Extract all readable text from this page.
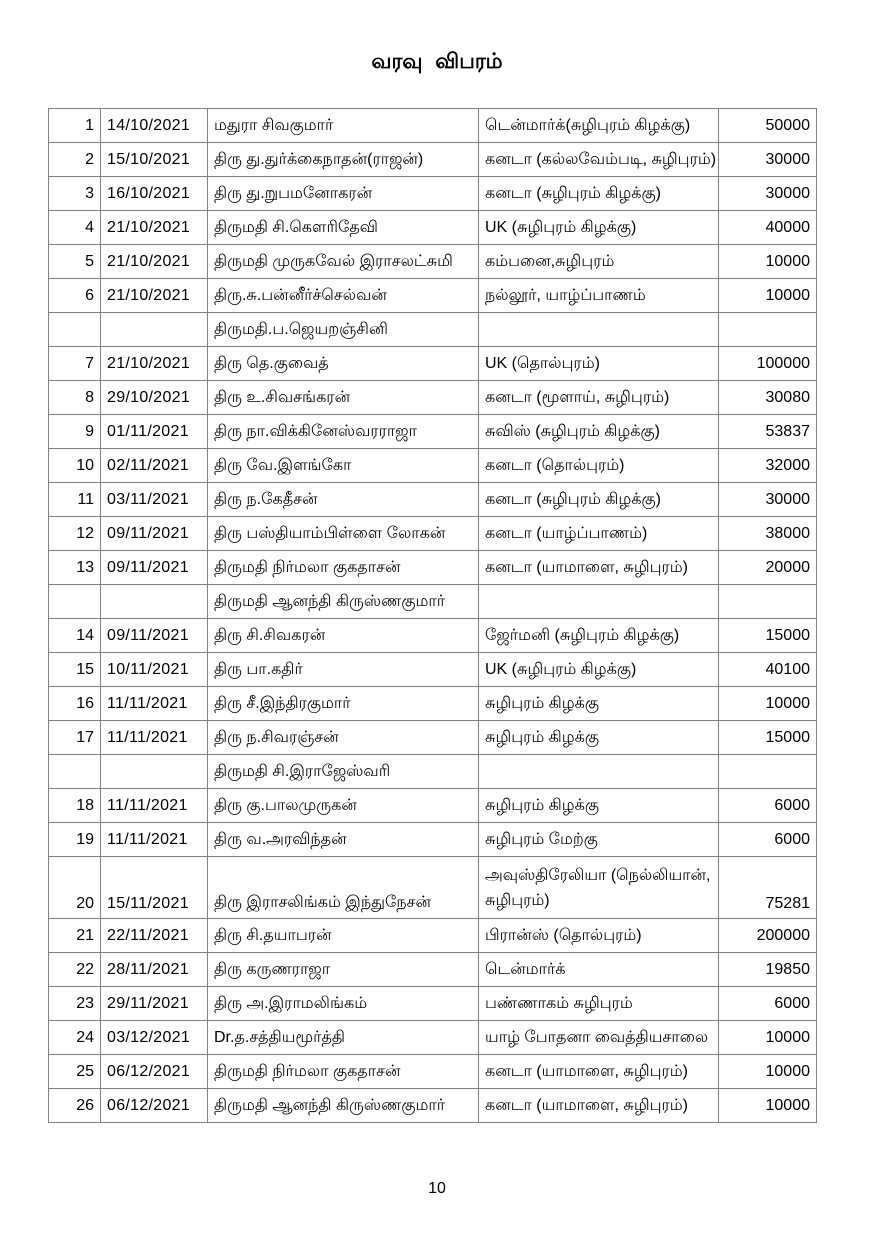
வரவு விபரம்
1	14/10/2021	மதுரா சிவகுமார்	டென்மார்க்(சுழிபுரம் கிழக்கு)	50000
2	15/10/2021	திரு து.துர்க்கைநாதன்(ராஜன்)	கனடா (கல்லவேம்படி, சுழிபுரம்)	30000
3	16/10/2021	திரு து.றுபமனோகரன்	கனடா (சுழிபுரம் கிழக்கு)	30000
4	21/10/2021	திருமதி சி.கௌரிதேவி	UK (சுழிபுரம் கிழக்கு)	40000
5	21/10/2021	திருமதி முருகவேல் இராசலட்சுமி	கம்பனை,சுழிபுரம்	10000
6	21/10/2021	திரு.சு.பன்னீர்ச்செல்வன்	நல்லூர், யாழ்ப்பாணம்	10000
		திருமதி.ப.ஜெயறஞ்சினி		
7	21/10/2021	திரு தெ.குவைத்	UK (தொல்புரம்)	100000
8	29/10/2021	திரு உ.சிவசங்கரன்	கனடா (மூளாய், சுழிபுரம்)	30080
9	01/11/2021	திரு நா.விக்கினேஸ்வரராஜா	சுவிஸ் (சுழிபுரம் கிழக்கு)	53837
10	02/11/2021	திரு வே.இளங்கோ	கனடா (தொல்புரம்)	32000
11	03/11/2021	திரு ந.கேதீசன்	கனடா (சுழிபுரம் கிழக்கு)	30000
12	09/11/2021	திரு பஸ்தியாம்பிள்ளை லோகன்	கனடா (யாழ்ப்பாணம்)	38000
13	09/11/2021	திருமதி நிர்மலா குகதாசன்	கனடா (யாமாளை, சுழிபுரம்)	20000
		திருமதி ஆனந்தி கிருஸ்ணகுமார்		
14	09/11/2021	திரு சி.சிவகரன்	ஜேர்மனி (சுழிபுரம் கிழக்கு)	15000
15	10/11/2021	திரு பா.கதிர்	UK (சுழிபுரம் கிழக்கு)	40100
16	11/11/2021	திரு சீ.இந்திரகுமார்	சுழிபுரம் கிழக்கு	10000
17	11/11/2021	திரு ந.சிவரஞ்சன்	சுழிபுரம் கிழக்கு	15000
		திருமதி சி.இராஜேஸ்வரி		
18	11/11/2021	திரு கு.பாலமுருகன்	சுழிபுரம் கிழக்கு	6000
19	11/11/2021	திரு வ.அரவிந்தன்	சுழிபுரம் மேற்கு	6000
20	15/11/2021	திரு இராசலிங்கம் இந்துநேசன்	அவுஸ்திரேலியா (நெல்லியான், சுழிபுரம்)	75281
21	22/11/2021	திரு சி.தயாபரன்	பிரான்ஸ் (தொல்புரம்)	200000
22	28/11/2021	திரு கருணராஜா	டென்மார்க்	19850
23	29/11/2021	திரு அ.இராமலிங்கம்	பண்ணாகம் சுழிபுரம்	6000
24	03/12/2021	Dr.த.சத்தியமூர்த்தி	யாழ் போதனா வைத்தியசாலை	10000
25	06/12/2021	திருமதி நிர்மலா குகதாசன்	கனடா (யாமாளை, சுழிபுரம்)	10000
26	06/12/2021	திருமதி ஆனந்தி கிருஸ்ணகுமார்	கனடா (யாமாளை, சுழிபுரம்)	10000
10
